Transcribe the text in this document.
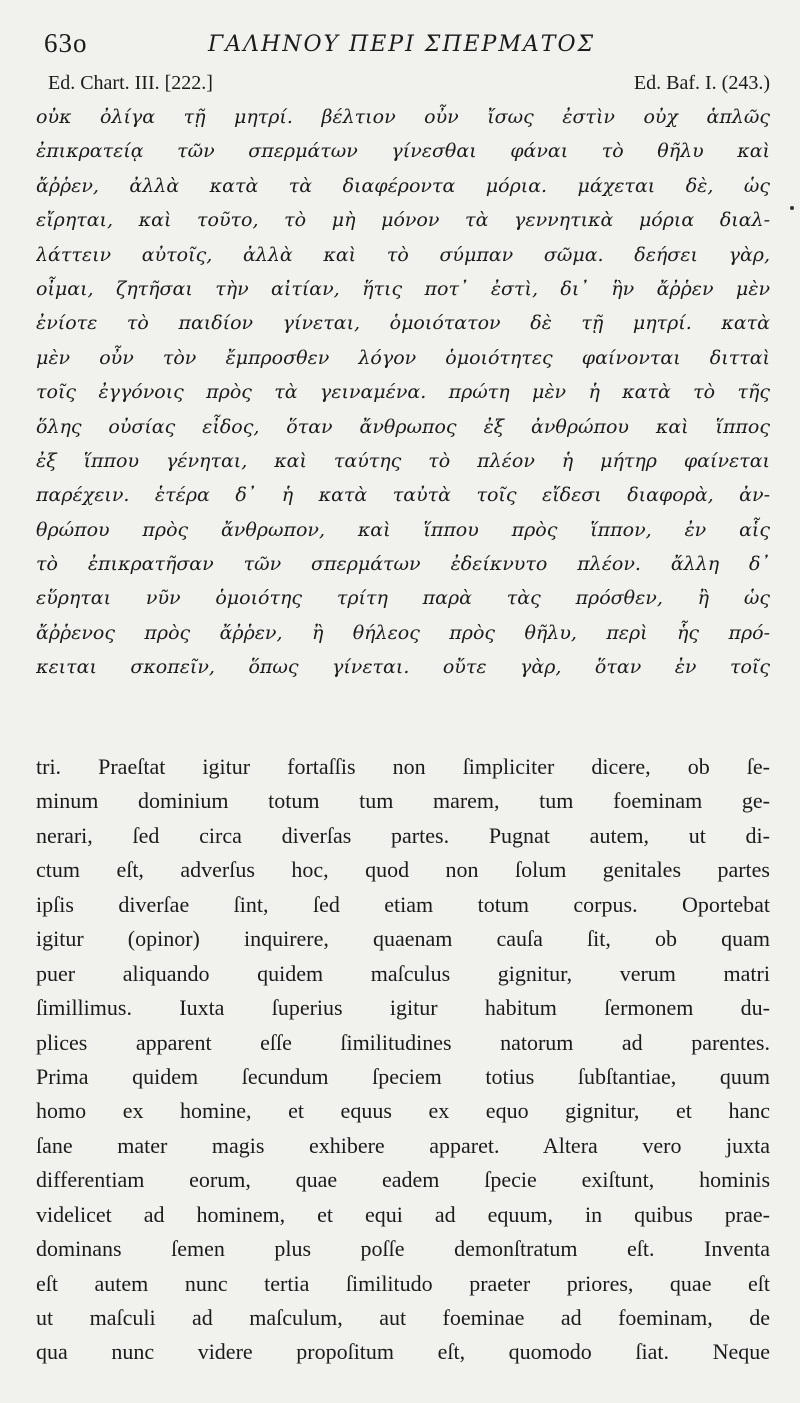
63o	ΓΑΛΗΝΟΥ ΠΕΡΙ ΣΠΕΡΜΑΤΟΣ
Ed. Chart. III. [222.]	Ed. Baf. I. (243.)
οὐκ ὀλίγα τῇ μητρί. βέλτιον οὖν ἴσως ἐστὶν οὐχ ἁπλῶς
ἐπικρατείᾳ τῶν σπερμάτων γίνεσθαι φάναι τὸ θῆλυ καὶ
ἄῤῥεν, ἀλλὰ κατὰ τὰ διαφέροντα μόρια. μάχεται δὲ, ὡς
εἴρηται, καὶ τοῦτο, τὸ μὴ μόνον τὰ γεννητικὰ μόρια διαλ-
λάττειν αὐτοῖς, ἀλλὰ καὶ τὸ σύμπαν σῶμα. δεήσει γὰρ,
οἶμαι, ζητῆσαι τὴν αἰτίαν, ἥτις ποτ᾽ ἐστὶ, δι᾽ ἣν ἄῤῥεν μὲν
ἐνίοτε τὸ παιδίον γίνεται, ὁμοιότατον δὲ τῇ μητρί. κατὰ
μὲν οὖν τὸν ἔμπροσθεν λόγον ὁμοιότητες φαίνονται διτταὶ
τοῖς ἐγγόνοις πρὸς τὰ γειναμένα. πρώτη μὲν ἡ κατὰ τὸ τῆς
ὅλης οὐσίας εἶδος, ὅταν ἄνθρωπος ἐξ ἀνθρώπου καὶ ἵππος
ἐξ ἵππου γένηται, καὶ ταύτης τὸ πλέον ἡ μήτηρ φαίνεται
παρέχειν. ἑτέρα δ᾽ ἡ κατὰ ταὐτὰ τοῖς εἴδεσι διαφορὰ, ἀν-
θρώπου πρὸς ἄνθρωπον, καὶ ἵππου πρὸς ἵππον, ἐν αἷς
τὸ ἐπικρατῆσαν τῶν σπερμάτων ἐδείκνυτο πλέον. ἄλλη δ᾽
εὕρηται νῦν ὁμοιότης τρίτη παρὰ τὰς πρόσθεν, ἢ ὡς
ἄῤῥενος πρὸς ἄῤῥεν, ἢ θήλεος πρὸς θῆλυ, περὶ ἧς πρό-
κειται σκοπεῖν, ὅπως γίνεται. οὔτε γὰρ, ὅταν ἐν τοῖς
tri. Praeſtat igitur fortaſſis non ſimpliciter dicere, ob ſe-
minum dominium totum tum marem, tum foeminam ge-
nerari, ſed circa diverſas partes. Pugnat autem, ut di-
ctum eſt, adverſus hoc, quod non ſolum genitales partes
ipſis diverſae ſint, ſed etiam totum corpus. Oportebat
igitur (opinor) inquirere, quaenam cauſa ſit, ob quam
puer aliquando quidem maſculus gignitur, verum matri
ſimillimus. Iuxta ſuperius igitur habitum ſermonem du-
plices apparent eſſe ſimilitudines natorum ad parentes.
Prima quidem ſecundum ſpeciem totius ſubſtantiae, quum
homo ex homine, et equus ex equo gignitur, et hanc
ſane mater magis exhibere apparet. Altera vero juxta
differentiam eorum, quae eadem ſpecie exiſtunt, hominis
videlicet ad hominem, et equi ad equum, in quibus prae-
dominans ſemen plus poſſe demonſtratum eſt. Inventa
eſt autem nunc tertia ſimilitudo praeter priores, quae eſt
ut maſculi ad maſculum, aut foeminae ad foeminam, de
qua nunc videre propoſitum eſt, quomodo ſiat. Neque
